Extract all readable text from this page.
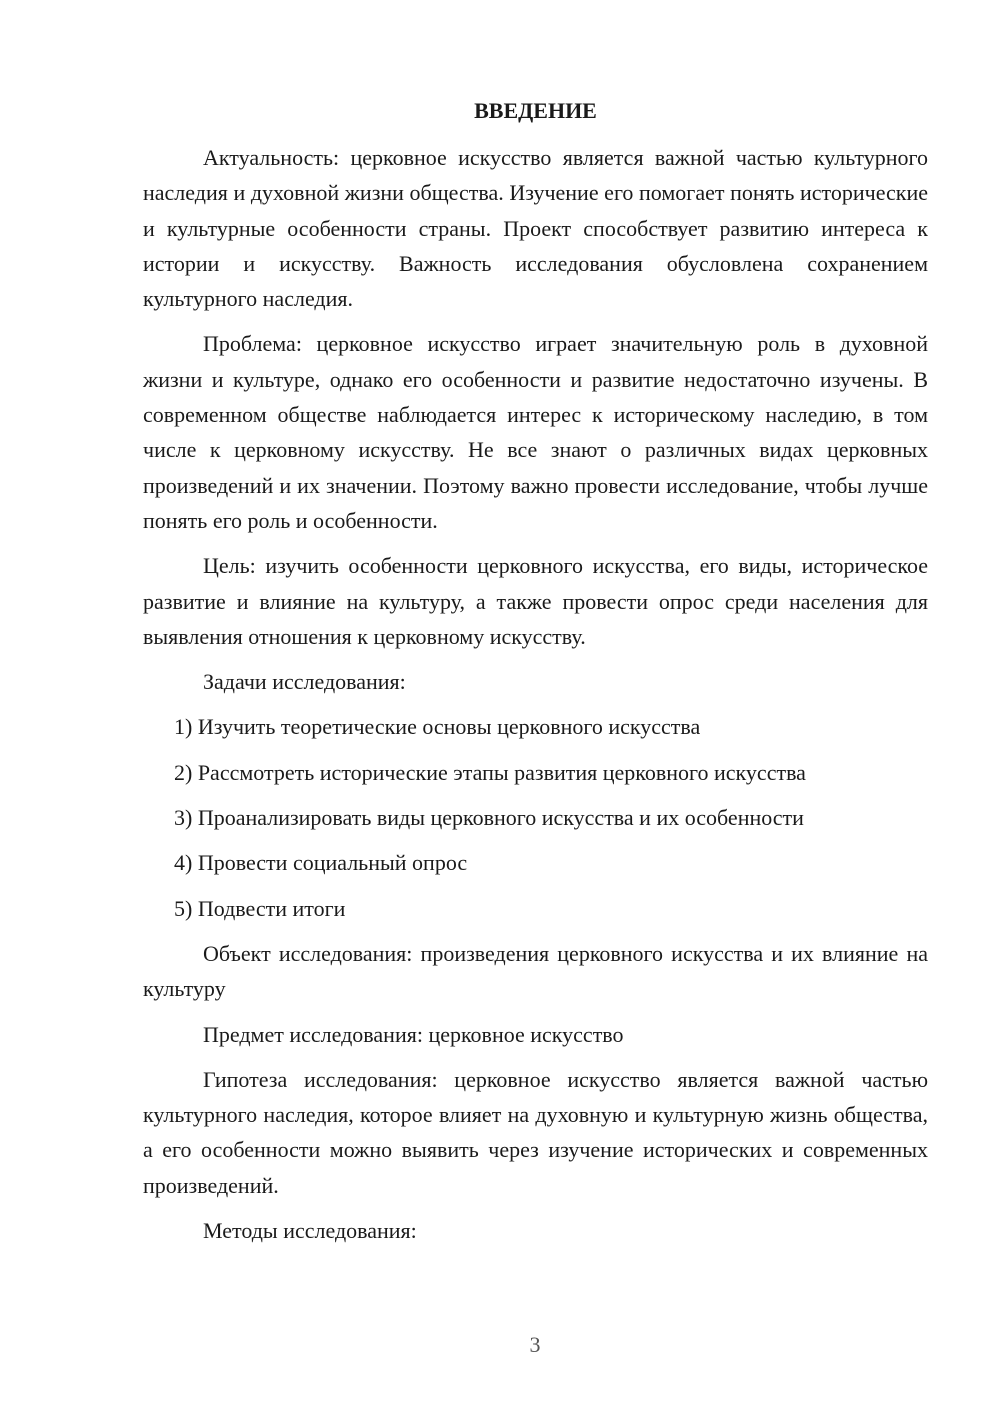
ВВЕДЕНИЕ

Актуальность: церковное искусство является важной частью культурного наследия и духовной жизни общества. Изучение его помогает понять исторические и культурные особенности страны. Проект способствует развитию интереса к истории и искусству. Важность исследования обусловлена сохранением культурного наследия.

Проблема: церковное искусство играет значительную роль в духовной жизни и культуре, однако его особенности и развитие недостаточно изучены. В современном обществе наблюдается интерес к историческому наследию, в том числе к церковному искусству. Не все знают о различных видах церковных произведений и их значении. Поэтому важно провести исследование, чтобы лучше понять его роль и особенности.

Цель: изучить особенности церковного искусства, его виды, историческое развитие и влияние на культуру, а также провести опрос среди населения для выявления отношения к церковному искусству.

Задачи исследования:

1) Изучить теоретические основы церковного искусства
2) Рассмотреть исторические этапы развития церковного искусства
3) Проанализировать виды церковного искусства и их особенности
4) Провести социальный опрос
5) Подвести итоги

Объект исследования: произведения церковного искусства и их влияние на культуру

Предмет исследования: церковное искусство

Гипотеза исследования: церковное искусство является важной частью культурного наследия, которое влияет на духовную и культурную жизнь общества, а его особенности можно выявить через изучение исторических и современных произведений.

Методы исследования:

3
